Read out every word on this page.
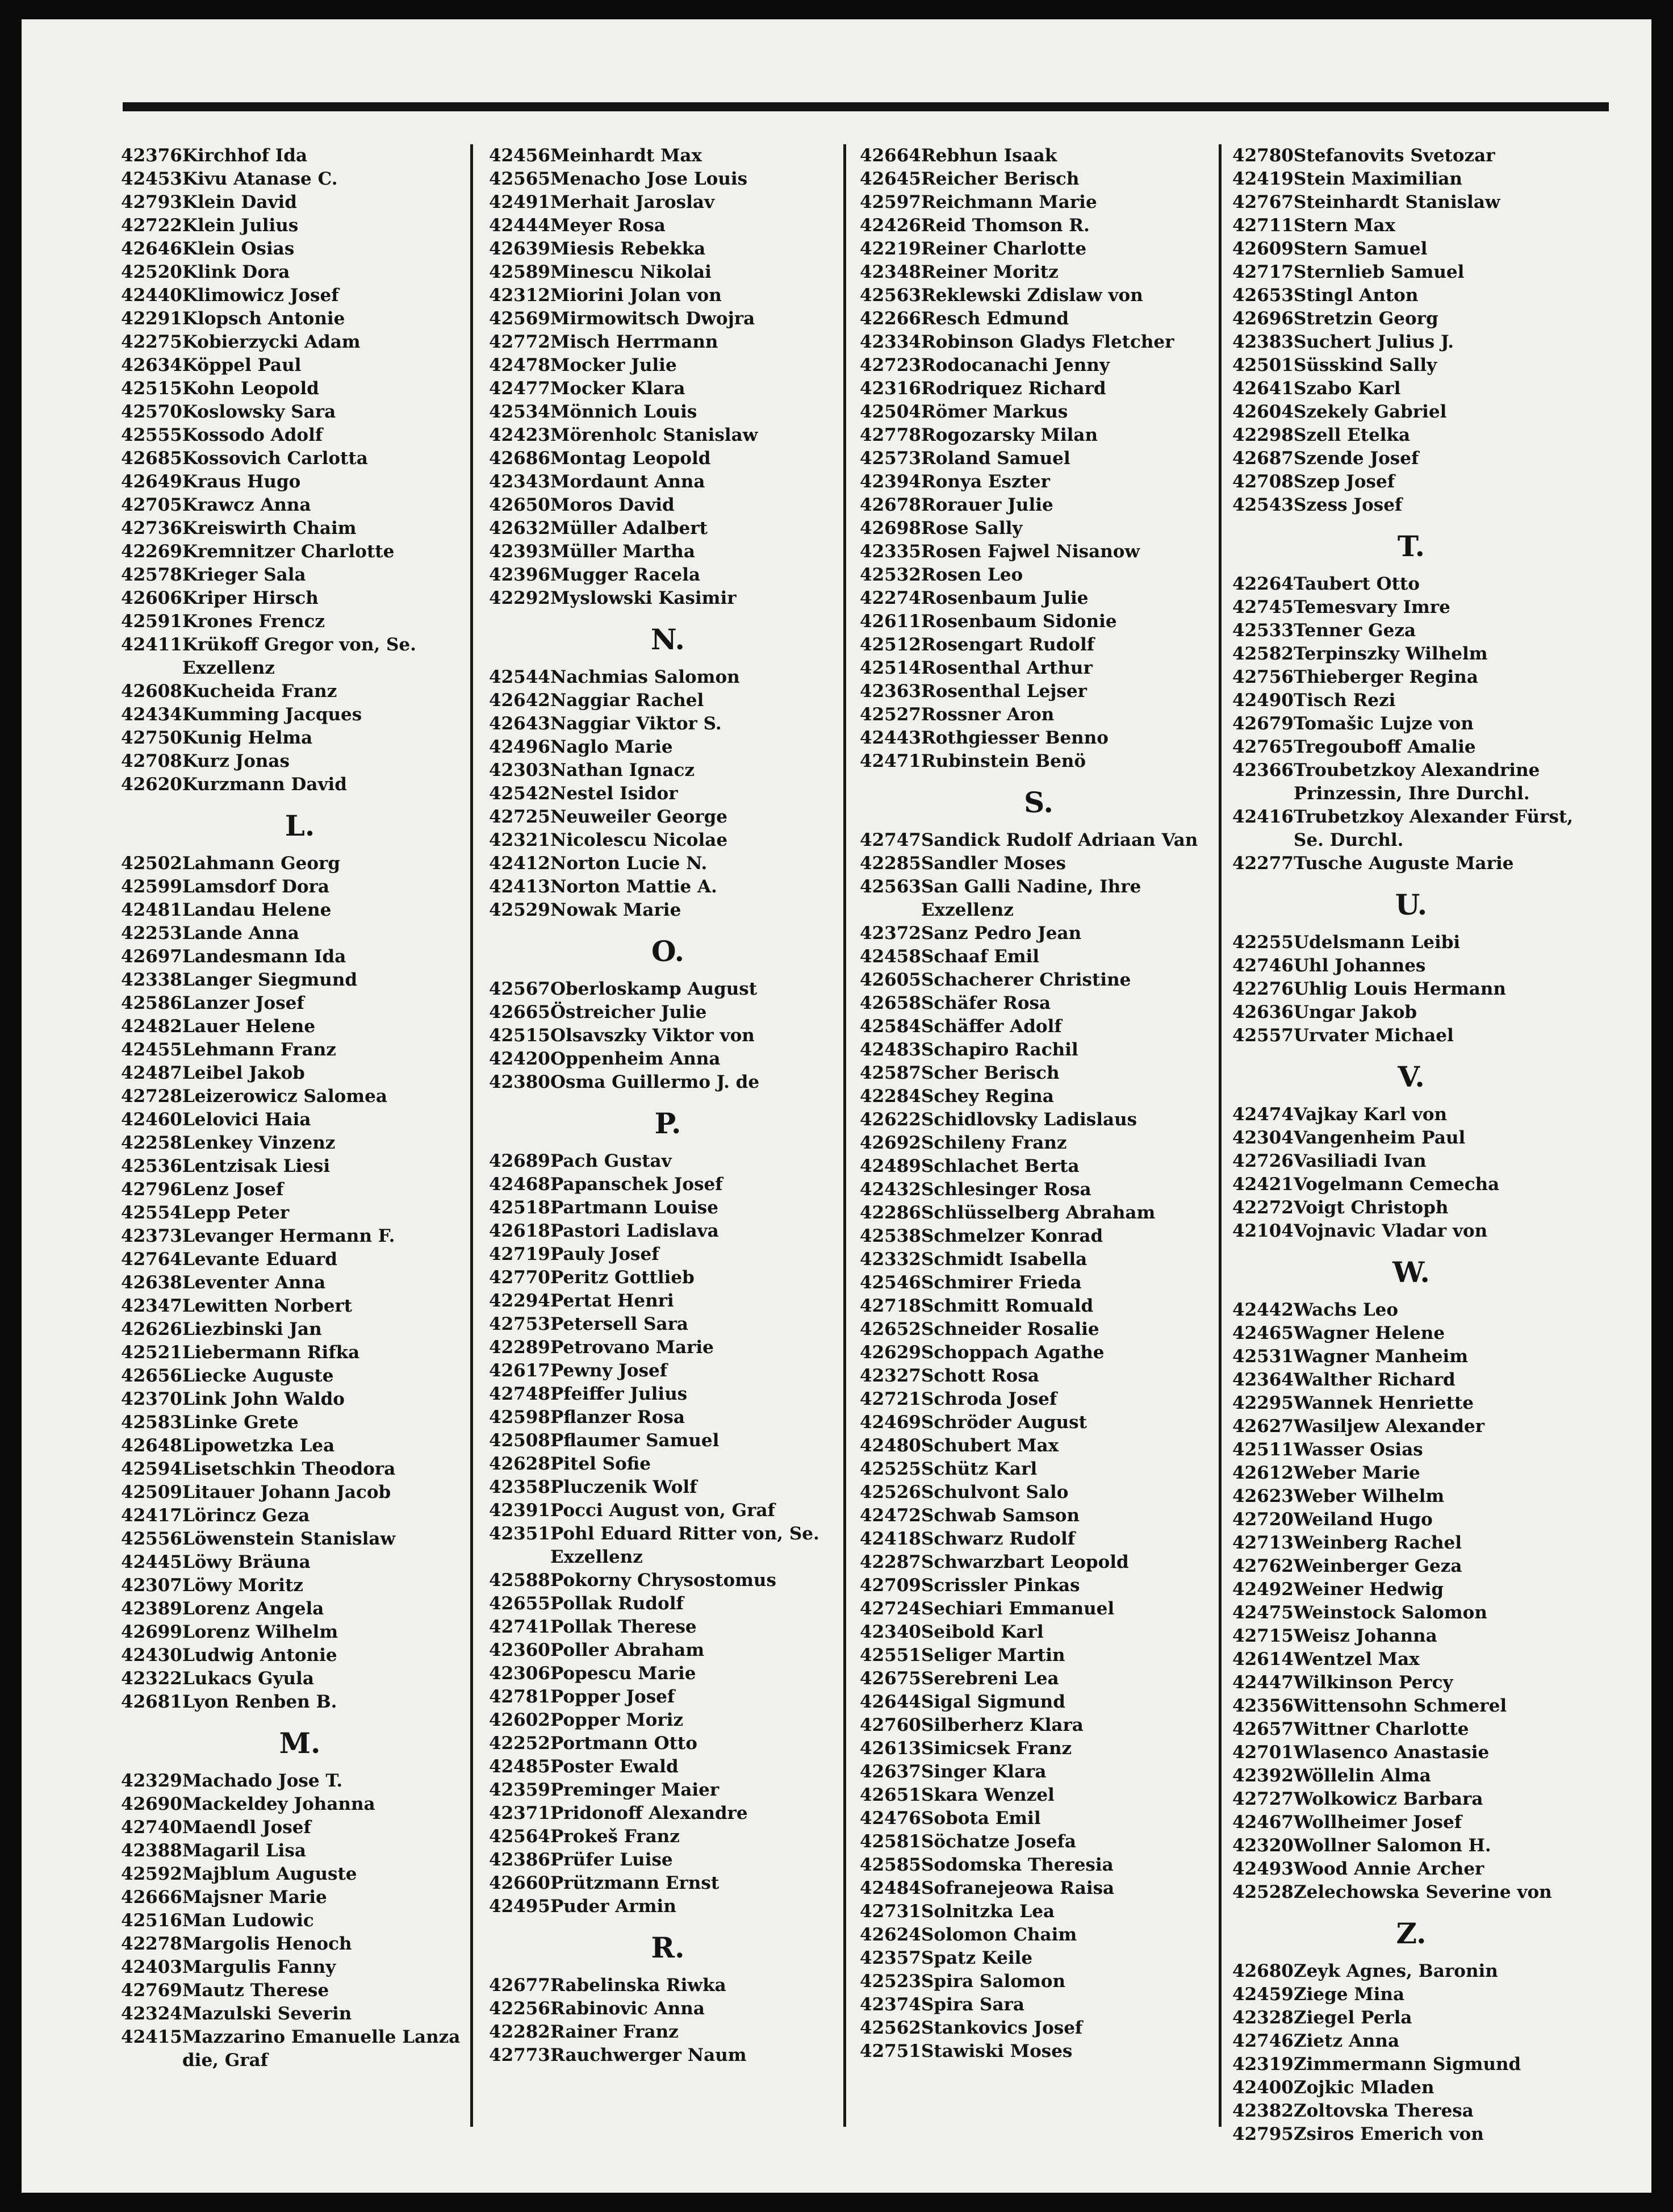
42376 Kirchhof Ida
42453 Kivu Atanase C.
42793 Klein David
42722 Klein Julius
42646 Klein Osias
42520 Klink Dora
42440 Klimowicz Josef
42291 Klopsch Antonie
42275 Kobierzycki Adam
42634 Köppel Paul
42515 Kohn Leopold
42570 Koslowsky Sara
42555 Kossodo Adolf
42685 Kossovich Carlotta
42649 Kraus Hugo
42705 Krawcz Anna
42736 Kreiswirth Chaim
42269 Kremnitzer Charlotte
42578 Krieger Sala
42606 Kriper Hirsch
42591 Krones Frencz
42411 Krükoff Gregor von, Se. Exzellenz
42608 Kucheida Franz
42434 Kumming Jacques
42750 Kunig Helma
42708 Kurz Jonas
42620 Kurzmann David
L.
42502 Lahmann Georg
42599 Lamsdorf Dora
42481 Landau Helene
42253 Lande Anna
42697 Landesmann Ida
42338 Langer Siegmund
42586 Lanzer Josef
42482 Lauer Helene
42455 Lehmann Franz
42487 Leibel Jakob
42728 Leizerowicz Salomea
42460 Lelovici Haia
42258 Lenkey Vinzenz
42536 Lentzisak Liesi
42796 Lenz Josef
42554 Lepp Peter
42373 Levanger Hermann F.
42764 Levante Eduard
42638 Leventer Anna
42347 Lewitten Norbert
42626 Liezbinski Jan
42521 Liebermann Rifka
42656 Liecke Auguste
42370 Link John Waldo
42583 Linke Grete
42648 Lipowetzka Lea
42594 Lisetschkin Theodora
42509 Litauer Johann Jacob
42417 Lörincz Geza
42556 Löwenstein Stanislaw
42445 Löwy Bräuna
42307 Löwy Moritz
42389 Lorenz Angela
42699 Lorenz Wilhelm
42430 Ludwig Antonie
42322 Lukacs Gyula
42681 Lyon Renben B.
M.
42329 Machado Jose T.
42690 Mackeldey Johanna
42740 Maendl Josef
42388 Magaril Lisa
42592 Majblum Auguste
42666 Majsner Marie
42516 Man Ludowic
42278 Margolis Henoch
42403 Margulis Fanny
42769 Mautz Therese
42324 Mazulski Severin
42415 Mazzarino Emanuelle Lanza die, Graf
42456 Meinhardt Max
42565 Menacho Jose Louis
42491 Merhait Jaroslav
42444 Meyer Rosa
42639 Miesis Rebekka
42589 Minescu Nikolai
42312 Miorini Jolan von
42569 Mirmowitsch Dwojra
42772 Misch Herrmann
42478 Mocker Julie
42477 Mocker Klara
42534 Mönnich Louis
42423 Mörenholc Stanislaw
42686 Montag Leopold
42343 Mordaunt Anna
42650 Moros David
42632 Müller Adalbert
42393 Müller Martha
42396 Mugger Racela
42292 Myslowski Kasimir
N.
42544 Nachmias Salomon
42642 Naggiar Rachel
42643 Naggiar Viktor S.
42496 Naglo Marie
42303 Nathan Ignacz
42542 Nestel Isidor
42725 Neuweiler George
42321 Nicolescu Nicolae
42412 Norton Lucie N.
42413 Norton Mattie A.
42529 Nowak Marie
O.
42567 Oberloskamp August
42665 Östreicher Julie
42515 Olsavszky Viktor von
42420 Oppenheim Anna
42380 Osma Guillermo J. de
P.
42689 Pach Gustav
42468 Papanschek Josef
42518 Partmann Louise
42618 Pastori Ladislava
42719 Pauly Josef
42770 Peritz Gottlieb
42294 Pertat Henri
42753 Petersell Sara
42289 Petrovano Marie
42617 Pewny Josef
42748 Pfeiffer Julius
42598 Pflanzer Rosa
42508 Pflaumer Samuel
42628 Pitel Sofie
42358 Pluczenik Wolf
42391 Pocci August von, Graf
42351 Pohl Eduard Ritter von, Se. Exzellenz
42588 Pokorny Chrysostomus
42655 Pollak Rudolf
42741 Pollak Therese
42360 Poller Abraham
42306 Popescu Marie
42781 Popper Josef
42602 Popper Moriz
42252 Portmann Otto
42485 Poster Ewald
42359 Preminger Maier
42371 Pridonoff Alexandre
42564 Prokeš Franz
42386 Prüfer Luise
42660 Prützmann Ernst
42495 Puder Armin
R.
42677 Rabelinska Riwka
42256 Rabinovic Anna
42282 Rainer Franz
42773 Rauchwerger Naum
42664 Rebhun Isaak
42645 Reicher Berisch
42597 Reichmann Marie
42426 Reid Thomson R.
42219 Reiner Charlotte
42348 Reiner Moritz
42563 Reklewski Zdislaw von
42266 Resch Edmund
42334 Robinson Gladys Fletcher
42723 Rodocanachi Jenny
42316 Rodriquez Richard
42504 Römer Markus
42778 Rogozarsky Milan
42573 Roland Samuel
42394 Ronya Eszter
42678 Rorauer Julie
42698 Rose Sally
42335 Rosen Fajwel Nisanow
42532 Rosen Leo
42274 Rosenbaum Julie
42611 Rosenbaum Sidonie
42512 Rosengart Rudolf
42514 Rosenthal Arthur
42363 Rosenthal Lejser
42527 Rossner Aron
42443 Rothgiesser Benno
42471 Rubinstein Benö
S.
42747 Sandick Rudolf Adriaan Van
42285 Sandler Moses
42563 San Galli Nadine, Ihre Exzellenz
42372 Sanz Pedro Jean
42458 Schaaf Emil
42605 Schacherer Christine
42658 Schäfer Rosa
42584 Schäffer Adolf
42483 Schapiro Rachil
42587 Scher Berisch
42284 Schey Regina
42622 Schidlovsky Ladislaus
42692 Schileny Franz
42489 Schlachet Berta
42432 Schlesinger Rosa
42286 Schlüsselberg Abraham
42538 Schmelzer Konrad
42332 Schmidt Isabella
42546 Schmirer Frieda
42718 Schmitt Romuald
42652 Schneider Rosalie
42629 Schoppach Agathe
42327 Schott Rosa
42721 Schroda Josef
42469 Schröder August
42480 Schubert Max
42525 Schütz Karl
42526 Schulvont Salo
42472 Schwab Samson
42418 Schwarz Rudolf
42287 Schwarzbart Leopold
42709 Scrissler Pinkas
42724 Sechiari Emmanuel
42340 Seibold Karl
42551 Seliger Martin
42675 Serebreni Lea
42644 Sigal Sigmund
42760 Silberherz Klara
42613 Simicsek Franz
42637 Singer Klara
42651 Skara Wenzel
42476 Sobota Emil
42581 Söchatze Josefa
42585 Sodomska Theresia
42484 Sofranejeowa Raisa
42731 Solnitzka Lea
42624 Solomon Chaim
42357 Spatz Keile
42523 Spira Salomon
42374 Spira Sara
42562 Stankovics Josef
42751 Stawiski Moses
42780 Stefanovits Svetozar
42419 Stein Maximilian
42767 Steinhardt Stanislaw
42711 Stern Max
42609 Stern Samuel
42717 Sternlieb Samuel
42653 Stingl Anton
42696 Stretzin Georg
42383 Suchert Julius J.
42501 Süsskind Sally
42641 Szabo Karl
42604 Szekely Gabriel
42298 Szell Etelka
42687 Szende Josef
42708 Szep Josef
42543 Szess Josef
T.
42264 Taubert Otto
42745 Temesvary Imre
42533 Tenner Geza
42582 Terpinszky Wilhelm
42756 Thieberger Regina
42490 Tisch Rezi
42679 Tomašic Lujze von
42765 Tregouboff Amalie
42366 Troubetzkoy Alexandrine Prinzessin, Ihre Durchl.
42416 Trubetzkoy Alexander Fürst, Se. Durchl.
42277 Tusche Auguste Marie
U.
42255 Udelsmann Leibi
42746 Uhl Johannes
42276 Uhlig Louis Hermann
42636 Ungar Jakob
42557 Urvater Michael
V.
42474 Vajkay Karl von
42304 Vangenheim Paul
42726 Vasiliadi Ivan
42421 Vogelmann Cemecha
42272 Voigt Christoph
42104 Vojnavic Vladar von
W.
42442 Wachs Leo
42465 Wagner Helene
42531 Wagner Manheim
42364 Walther Richard
42295 Wannek Henriette
42627 Wasiljew Alexander
42511 Wasser Osias
42612 Weber Marie
42623 Weber Wilhelm
42720 Weiland Hugo
42713 Weinberg Rachel
42762 Weinberger Geza
42492 Weiner Hedwig
42475 Weinstock Salomon
42715 Weisz Johanna
42614 Wentzel Max
42447 Wilkinson Percy
42356 Wittensohn Schmerel
42657 Wittner Charlotte
42701 Wlasenco Anastasie
42392 Wöllelin Alma
42727 Wolkowicz Barbara
42467 Wollheimer Josef
42320 Wollner Salomon H.
42493 Wood Annie Archer
42528 Zelechowska Severine von
Z.
42680 Zeyk Agnes, Baronin
42459 Ziege Mina
42328 Ziegel Perla
42746 Zietz Anna
42319 Zimmermann Sigmund
42400 Zojkic Mladen
42382 Zoltovska Theresa
42795 Zsiros Emerich von
